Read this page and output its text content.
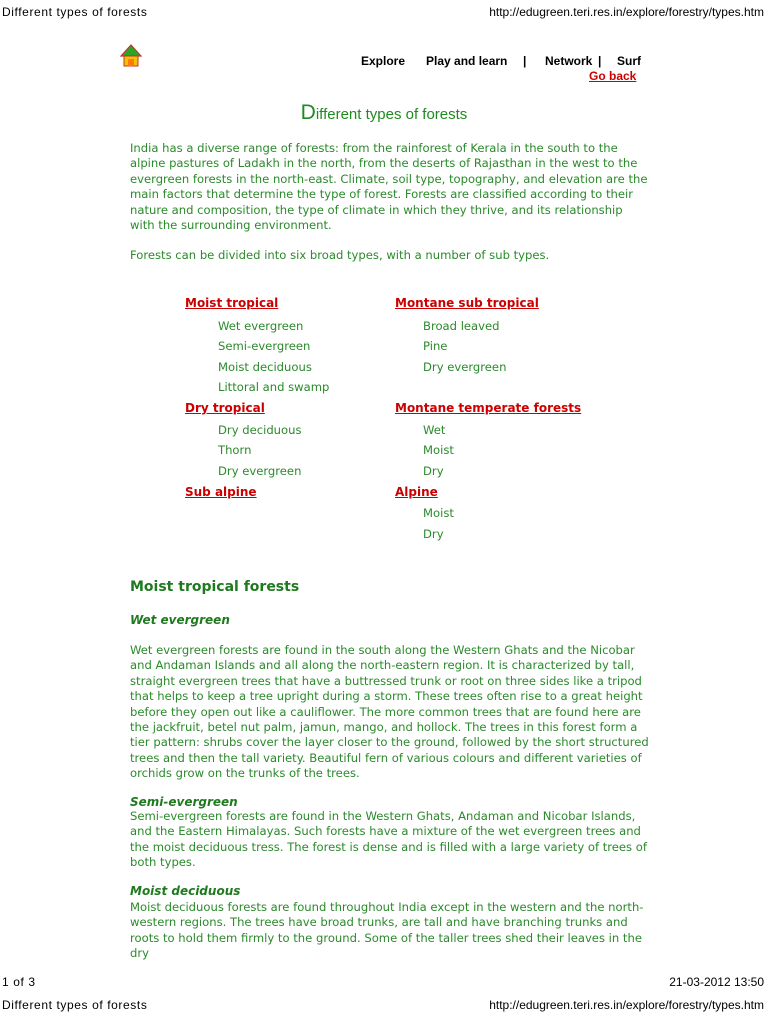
Different types of forests	http://edugreen.teri.res.in/explore/forestry/types.htm
Explore Play and learn | Network | Surf
Go back
Different types of forests
India has a diverse range of forests: from the rainforest of Kerala in the south to the alpine pastures of Ladakh in the north, from the deserts of Rajasthan in the west to the evergreen forests in the north-east. Climate, soil type, topography, and elevation are the main factors that determine the type of forest. Forests are classified according to their nature and composition, the type of climate in which they thrive, and its relationship with the surrounding environment.
Forests can be divided into six broad types, with a number of sub types.
Moist tropical
Wet evergreen
Semi-evergreen
Moist deciduous
Littoral and swamp
Dry tropical
Dry deciduous
Thorn
Dry evergreen
Sub alpine
Montane sub tropical
Broad leaved
Pine
Dry evergreen
Montane temperate forests
Wet
Moist
Dry
Alpine
Moist
Dry
Moist tropical forests
Wet evergreen
Wet evergreen forests are found in the south along the Western Ghats and the Nicobar and Andaman Islands and all along the north-eastern region. It is characterized by tall, straight evergreen trees that have a buttressed trunk or root on three sides like a tripod that helps to keep a tree upright during a storm. These trees often rise to a great height before they open out like a cauliflower. The more common trees that are found here are the jackfruit, betel nut palm, jamun, mango, and hollock. The trees in this forest form a tier pattern: shrubs cover the layer closer to the ground, followed by the short structured trees and then the tall variety. Beautiful fern of various colours and different varieties of orchids grow on the trunks of the trees.
Semi-evergreen
Semi-evergreen forests are found in the Western Ghats, Andaman and Nicobar Islands, and the Eastern Himalayas. Such forests have a mixture of the wet evergreen trees and the moist deciduous tress. The forest is dense and is filled with a large variety of trees of both types.
Moist deciduous
Moist deciduous forests are found throughout India except in the western and the north-western regions. The trees have broad trunks, are tall and have branching trunks and roots to hold them firmly to the ground. Some of the taller trees shed their leaves in the dry
1 of 3	21-03-2012 13:50
Different types of forests	http://edugreen.teri.res.in/explore/forestry/types.htm
